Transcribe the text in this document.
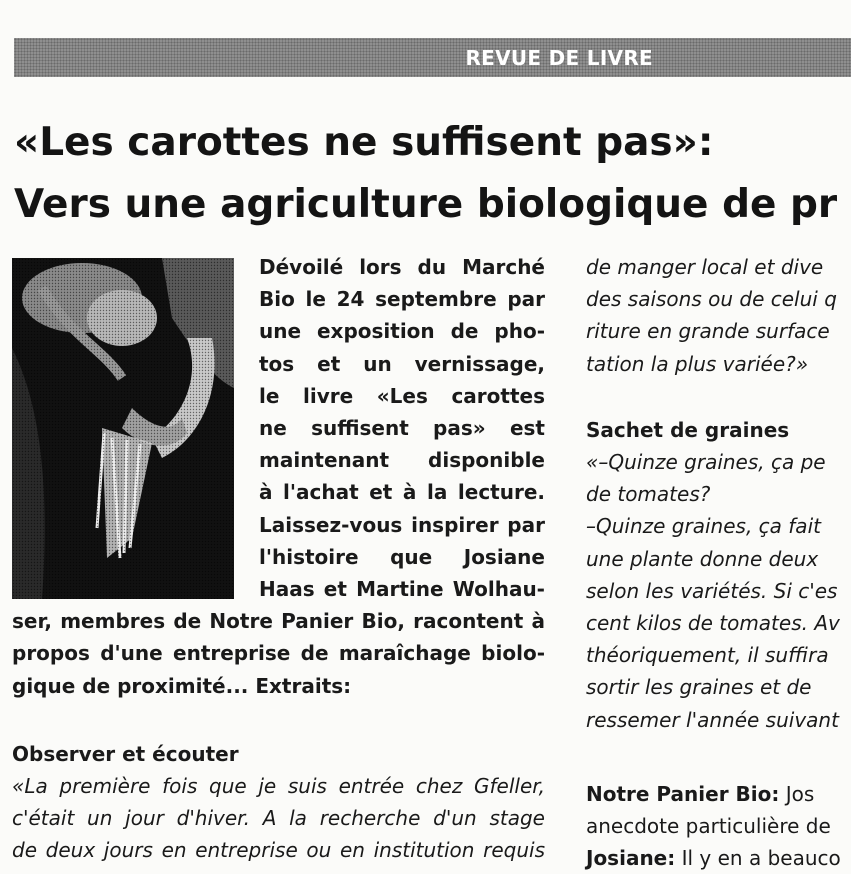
REVUE DE LIVRE
«Les carottes ne suffisent pas»:
Vers une agriculture biologique de pr
Dévoilé lors du Marché
Bio le 24 septembre par
une exposition de pho-
tos et un vernissage,
le livre «Les carottes
ne suffisent pas» est
maintenant disponible
à l'achat et à la lecture.
Laissez-vous inspirer par
l'histoire que Josiane
Haas et Martine Wolhau-
ser, membres de Notre Panier Bio, racontent à
propos d'une entreprise de maraîchage biolo-
gique de proximité... Extraits:
Observer et écouter
«La première fois que je suis entrée chez Gfeller,
c'était un jour d'hiver. A la recherche d'un stage
de deux jours en entreprise ou en institution requis
de manger local et dive
des saisons ou de celui q
riture en grande surface
tation la plus variée?»
Sachet de graines
«–Quinze graines, ça pe
de tomates?
–Quinze graines, ça fait
une plante donne deux
selon les variétés. Si c'es
cent kilos de tomates. Av
théoriquement, il suffira
sortir les graines et de
ressemer l'année suivant
Notre Panier Bio: Jos
anecdote particulière de
Josiane: Il y en a beauco
